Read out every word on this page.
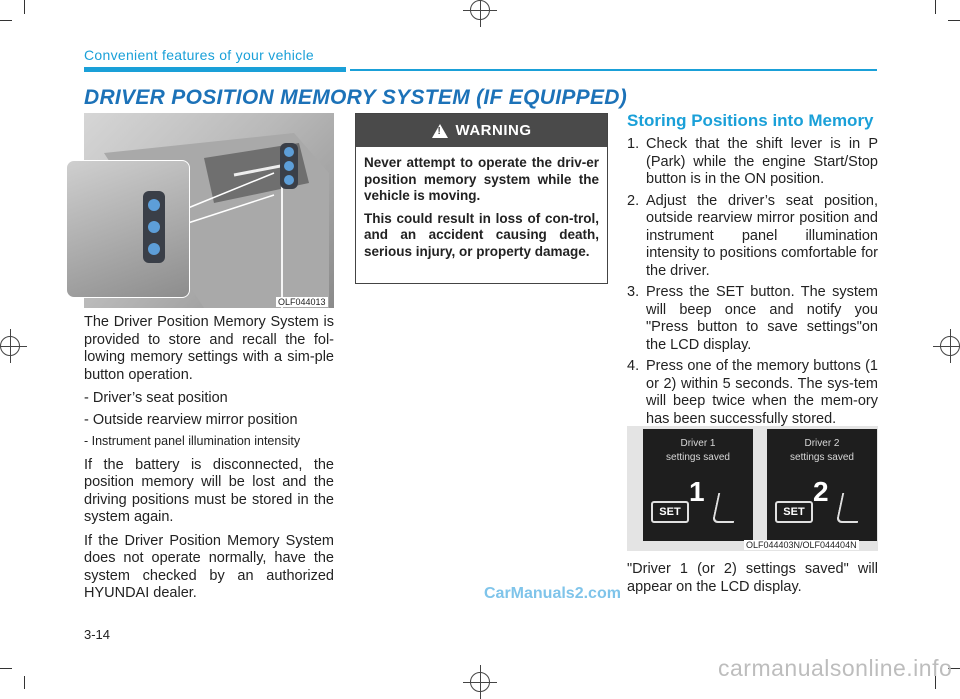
Convenient features of your vehicle
DRIVER POSITION MEMORY SYSTEM (IF EQUIPPED)
OLF044013

The Driver Position Memory System is provided to store and recall the fol-lowing memory settings with a sim-ple button operation.

- Driver’s seat position
- Outside rearview mirror position
- Instrument panel illumination intensity

If the battery is disconnected, the position memory will be lost and the driving positions must be stored in the system again.

If the Driver Position Memory System does not operate normally, have the system checked by an authorized HYUNDAI dealer.

!
WARNING

Never attempt to operate the driv-er position memory system while the vehicle is moving.

This could result in loss of con-trol, and an accident causing death, serious injury, or property damage.

Storing Positions into Memory
1. Check that the shift lever is in P (Park) while the engine Start/Stop button is in the ON position.
2. Adjust the driver’s seat position, outside rearview mirror position and instrument panel illumination intensity to positions comfortable for the driver.
3. Press the SET button. The system will beep once and notify you "Press button to save settings"on the LCD display.
4. Press one of the memory buttons (1 or 2) within 5 seconds. The sys-tem will beep twice when the mem-ory has been successfully stored.
Driver 1
settings saved
SET
1
Driver 2
settings saved
SET
2
OLF044403N/OLF044404N
"Driver 1 (or 2) settings saved" will appear on the LCD display.
3-14
CarManuals2.com
carmanualsonline.info
